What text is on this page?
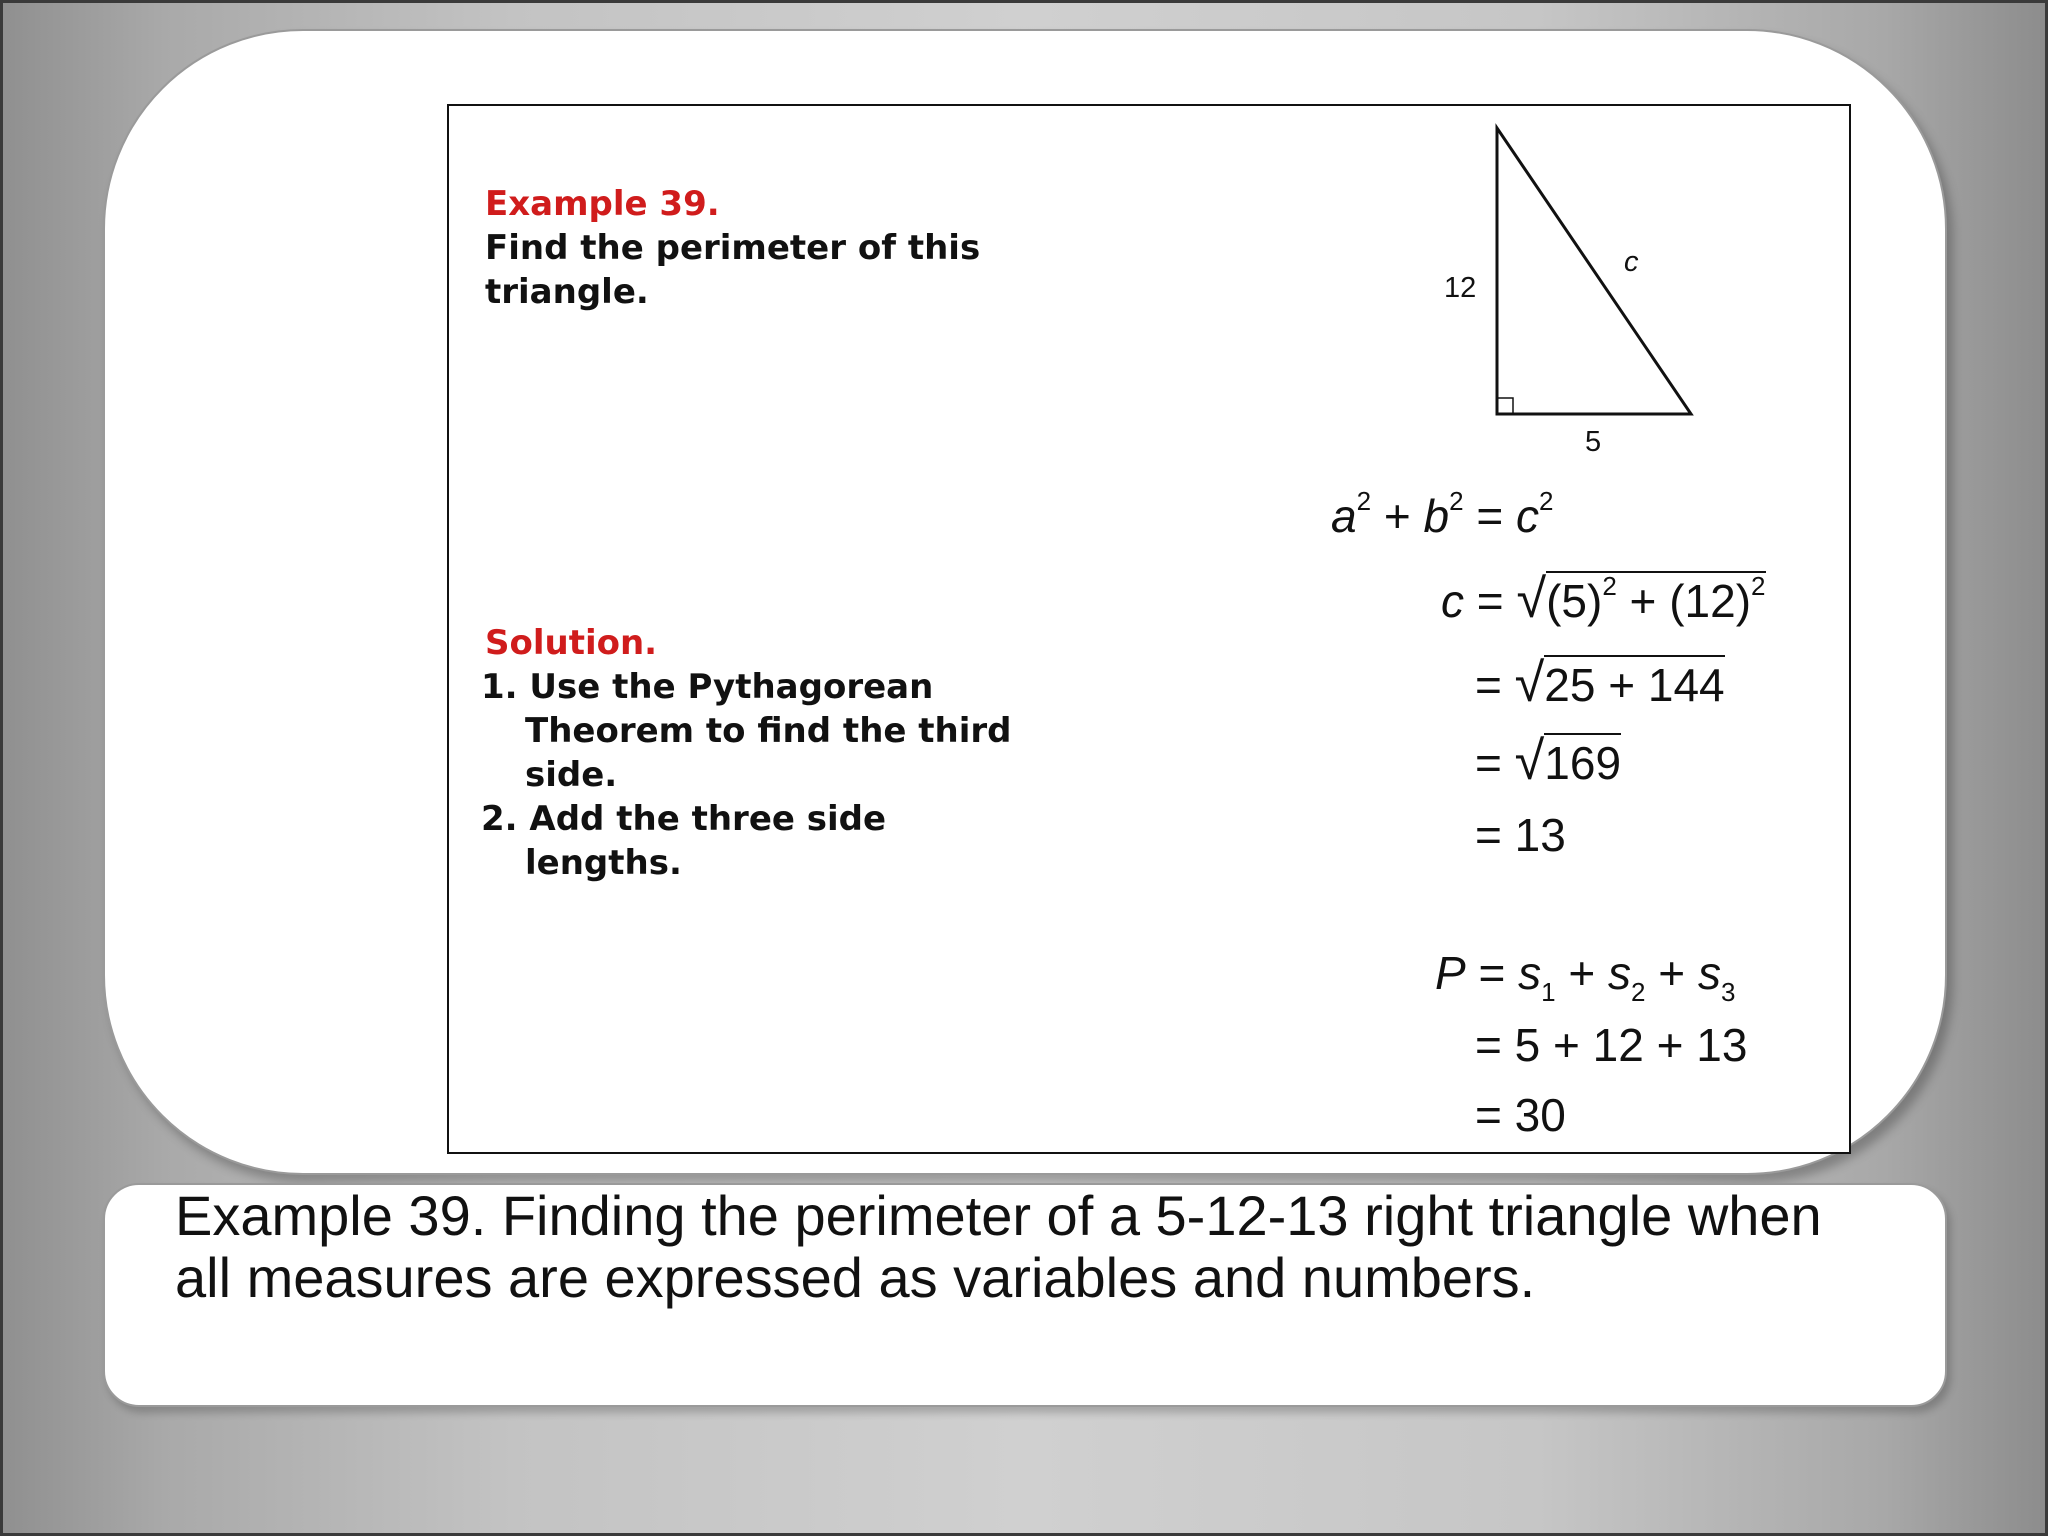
Example 39.
Find the perimeter of this
triangle.	12
5
c
Solution.
1. Use the Pythagorean
Theorem to find the third
side.
2. Add the three side
lengths.
$a^2 + b^2 = c^2$
$c = √(5)^2 + (12)^2$
= √25 + 144
= √169
= 13
$P = s_1 + s_2 + s_3$
= 5 + 12 + 13
= 30
Example 39. Finding the perimeter of a 5-12-13 right triangle when
all measures are expressed as variables and numbers.
